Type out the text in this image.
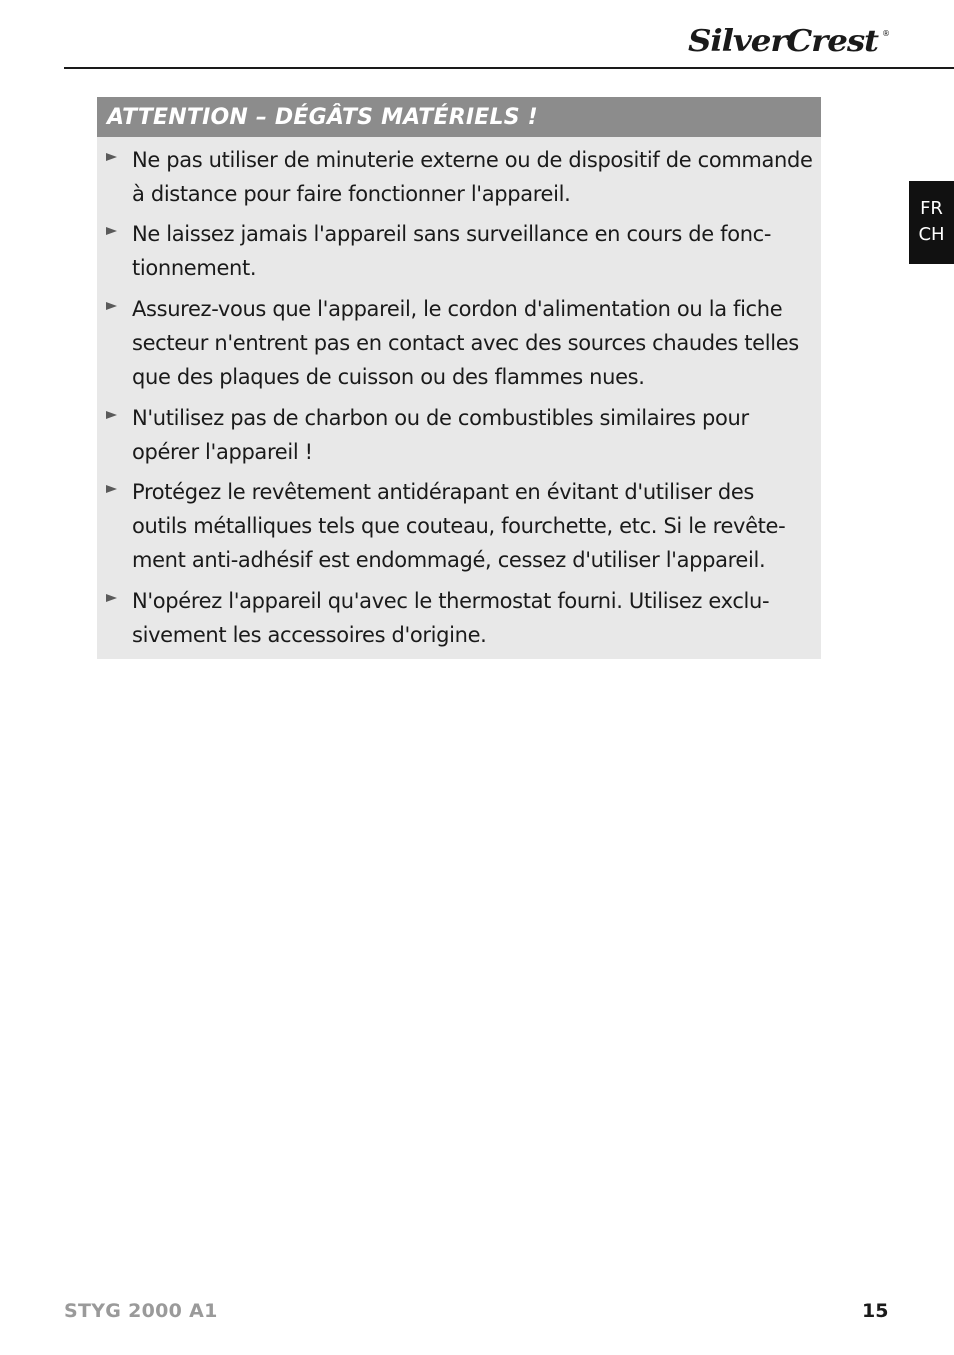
SilverCrest ®
FR
CH
ATTENTION – DÉGÂTS MATÉRIELS !
Ne pas utiliser de minuterie externe ou de dispositif de commande
à distance pour faire fonctionner l'appareil.
Ne laissez jamais l'appareil sans surveillance en cours de fonc-
tionnement.
Assurez-vous que l'appareil, le cordon d'alimentation ou la fiche
secteur n'entrent pas en contact avec des sources chaudes telles
que des plaques de cuisson ou des flammes nues.
N'utilisez pas de charbon ou de combustibles similaires pour
opérer l'appareil !
Protégez le revêtement antidérapant en évitant d'utiliser des
outils métalliques tels que couteau, fourchette, etc. Si le revête-
ment anti-adhésif est endommagé, cessez d'utiliser l'appareil.
N'opérez l'appareil qu'avec le thermostat fourni. Utilisez exclu-
sivement les accessoires d'origine.
STYG 2000 A1	15
